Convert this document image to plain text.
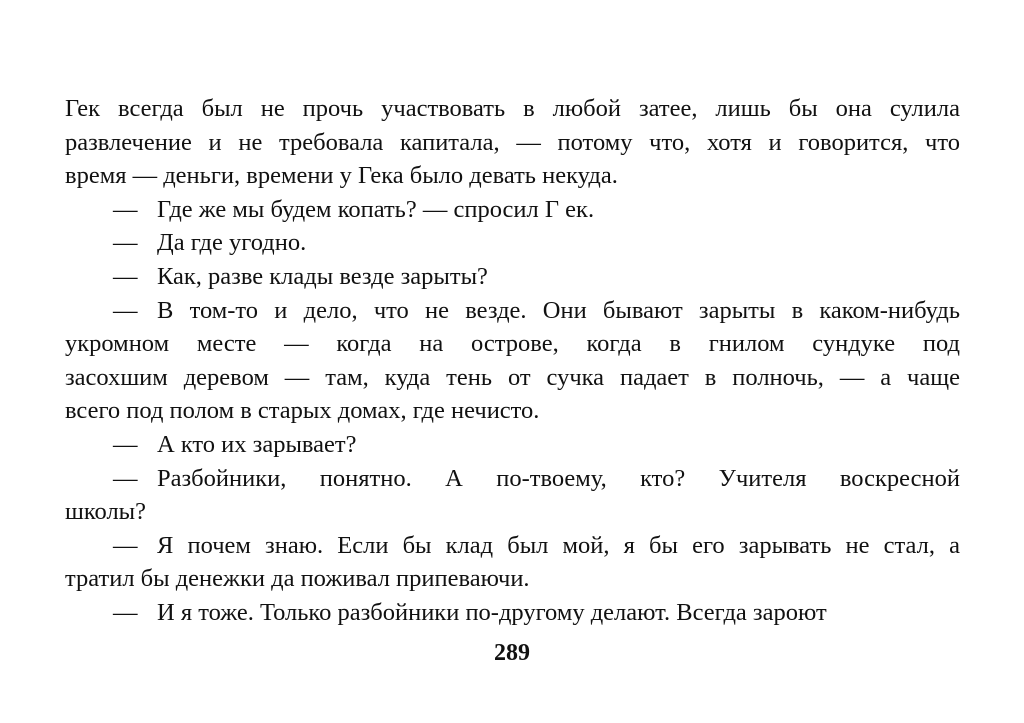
Гек всегда был не прочь участвовать в любой затее, лишь бы она сулила
развлечение и не требовала капитала, — потому что, хотя и говорится, что
время — деньги, времени у Гека было девать некуда.
— Где же мы будем копать? — спросил Г ек.
— Да где угодно.
— Как, разве клады везде зарыты?
— В том-то и дело, что не везде. Они бывают зарыты в каком-нибудь
укромном месте — когда на острове, когда в гнилом сундуке под
засохшим деревом — там, куда тень от сучка падает в полночь, — а чаще
всего под полом в старых домах, где нечисто.
— А кто их зарывает?
— Разбойники, понятно. А по-твоему, кто? Учителя воскресной
школы?
— Я почем знаю. Если бы клад был мой, я бы его зарывать не стал, а
тратил бы денежки да поживал припеваючи.
— И я тоже. Только разбойники по-другому делают. Всегда зароют
289
